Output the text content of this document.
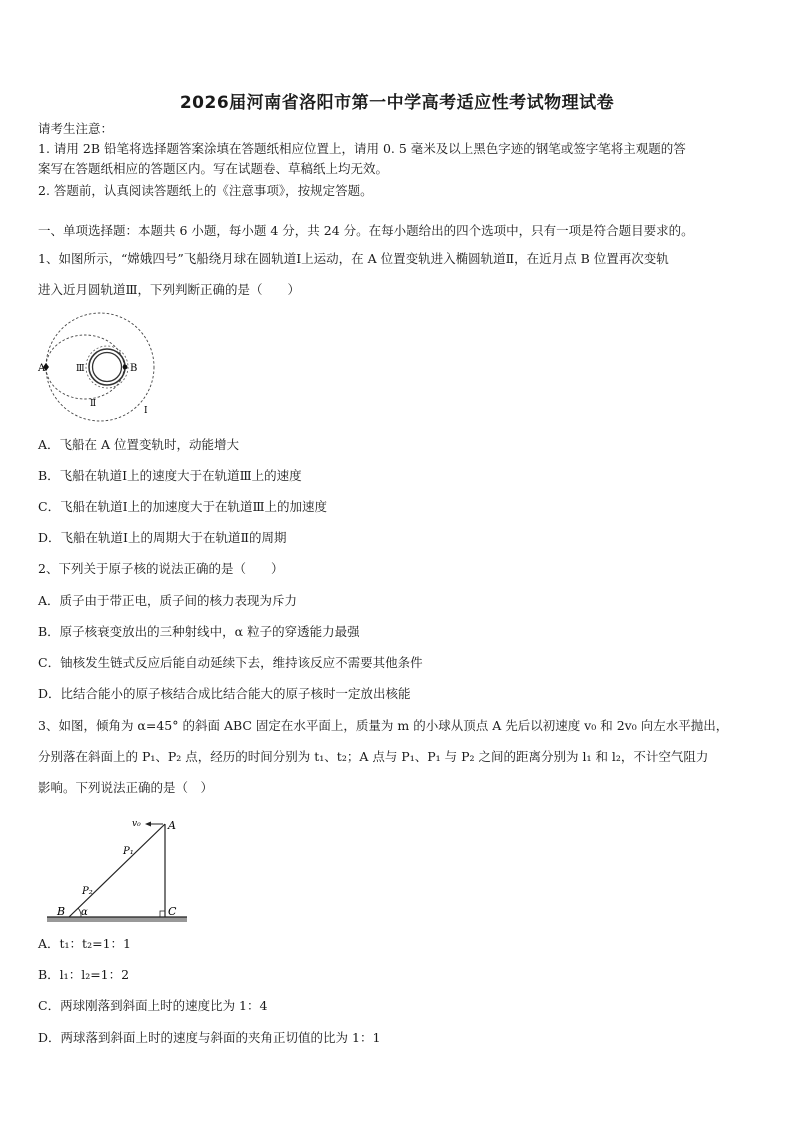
2026届河南省洛阳市第一中学高考适应性考试物理试卷
请考生注意：
1. 请用 2B 铅笔将选择题答案涂填在答题纸相应位置上，请用 0. 5 毫米及以上黑色字迹的钢笔或签字笔将主观题的答
案写在答题纸相应的答题区内。写在试题卷、草稿纸上均无效。
2. 答题前，认真阅读答题纸上的《注意事项》，按规定答题。
一、单项选择题：本题共 6 小题，每小题 4 分，共 24 分。在每小题给出的四个选项中，只有一项是符合题目要求的。
1、如图所示，“嫦娥四号”飞船绕月球在圆轨道Ⅰ上运动，在 A 位置变轨进入椭圆轨道Ⅱ，在近月点 B 位置再次变轨
进入近月圆轨道Ⅲ，下列判断正确的是（　　）
A	B
Ⅲ
Ⅱ
Ⅰ
A．飞船在 A 位置变轨时，动能增大
B．飞船在轨道Ⅰ上的速度大于在轨道Ⅲ上的速度
C．飞船在轨道Ⅰ上的加速度大于在轨道Ⅲ上的加速度
D．飞船在轨道Ⅰ上的周期大于在轨道Ⅱ的周期
2、下列关于原子核的说法正确的是（　　）
A．质子由于带正电，质子间的核力表现为斥力
B．原子核衰变放出的三种射线中，α 粒子的穿透能力最强
C．铀核发生链式反应后能自动延续下去，维持该反应不需要其他条件
D．比结合能小的原子核结合成比结合能大的原子核时一定放出核能
3、如图，倾角为 α=45° 的斜面 ABC 固定在水平面上，质量为 m 的小球从顶点 A 先后以初速度 v₀ 和 2v₀ 向左水平抛出，
分别落在斜面上的 P₁、P₂ 点，经历的时间分别为 t₁、t₂；A 点与 P₁、P₁ 与 P₂ 之间的距离分别为 l₁ 和 l₂，不计空气阻力
影响。下列说法正确的是（　）
v₀ A
P₁
P₂
B α	C
A．t₁：t₂=1：1
B．l₁：l₂=1：2
C．两球刚落到斜面上时的速度比为 1：4
D．两球落到斜面上时的速度与斜面的夹角正切值的比为 1：1
